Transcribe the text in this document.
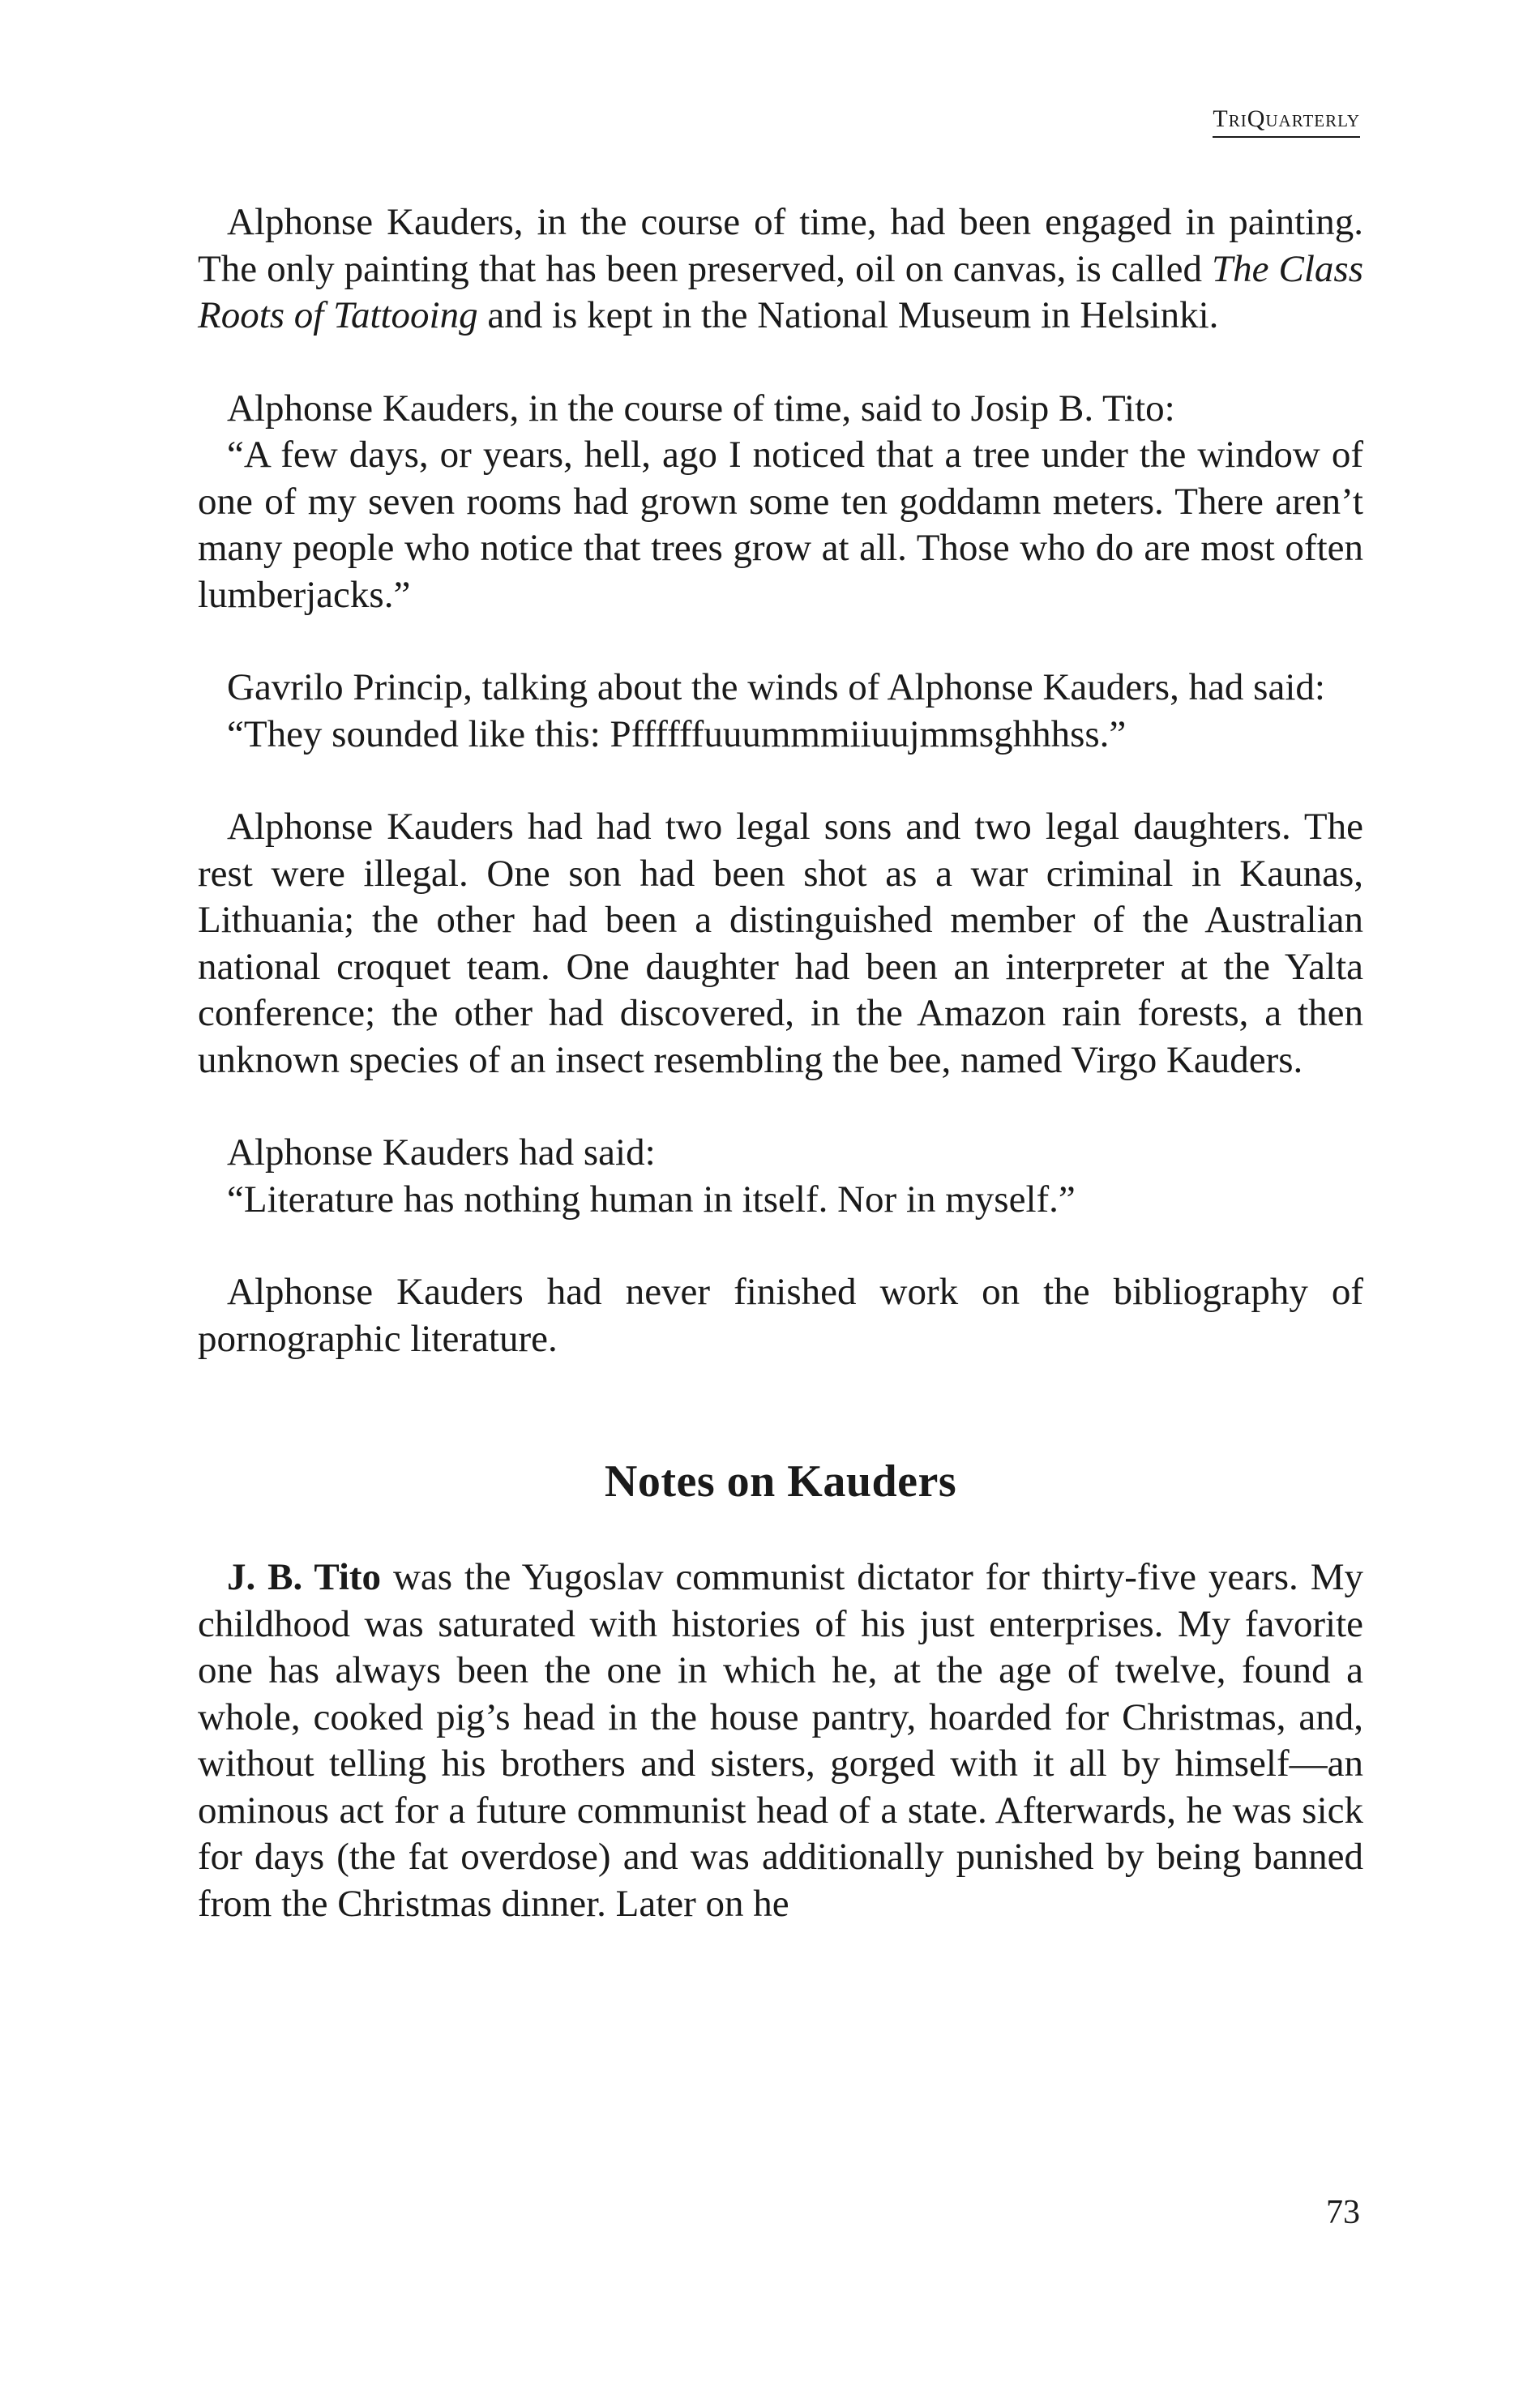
TriQuarterly

Alphonse Kauders, in the course of time, had been engaged in painting. The only painting that has been preserved, oil on canvas, is called The Class Roots of Tattooing and is kept in the National Museum in Helsinki.

Alphonse Kauders, in the course of time, said to Josip B. Tito:

“A few days, or years, hell, ago I noticed that a tree under the window of one of my seven rooms had grown some ten goddamn meters. There aren’t many people who notice that trees grow at all. Those who do are most often lumberjacks.”

Gavrilo Princip, talking about the winds of Alphonse Kauders, had said:

“They sounded like this: Pffffffuuummmiiuujmmsghhhss.”

Alphonse Kauders had had two legal sons and two legal daughters. The rest were illegal. One son had been shot as a war criminal in Kaunas, Lithuania; the other had been a distinguished member of the Australian national croquet team. One daughter had been an interpreter at the Yalta conference; the other had discovered, in the Amazon rain forests, a then unknown species of an insect resembling the bee, named Virgo Kauders.

Alphonse Kauders had said:

“Literature has nothing human in itself. Nor in myself.”

Alphonse Kauders had never finished work on the bibliography of pornographic literature.

Notes on Kauders

J. B. Tito was the Yugoslav communist dictator for thirty-five years. My childhood was saturated with histories of his just enterprises. My favorite one has always been the one in which he, at the age of twelve, found a whole, cooked pig’s head in the house pantry, hoarded for Christmas, and, without telling his brothers and sisters, gorged with it all by himself—an ominous act for a future communist head of a state. Afterwards, he was sick for days (the fat overdose) and was additionally punished by being banned from the Christmas dinner. Later on he

73
